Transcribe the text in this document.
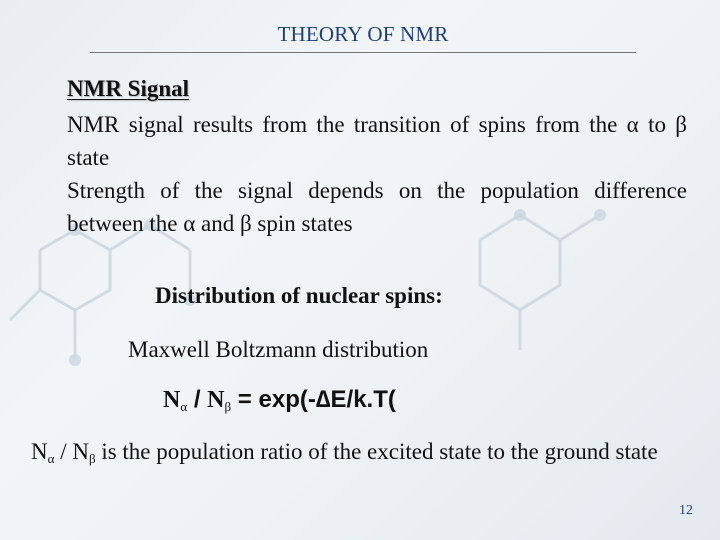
THEORY OF NMR
NMR Signal
NMR signal results from the transition of spins from the α to β state
Strength of the signal depends on the population difference between the α and β spin states
Distribution of nuclear spins:
Maxwell Boltzmann distribution
$N_\alpha / N_\beta = \exp(-\Delta E/k.T$(
$N_\alpha / N_\beta$ is the population ratio of the excited state to the ground state
12
